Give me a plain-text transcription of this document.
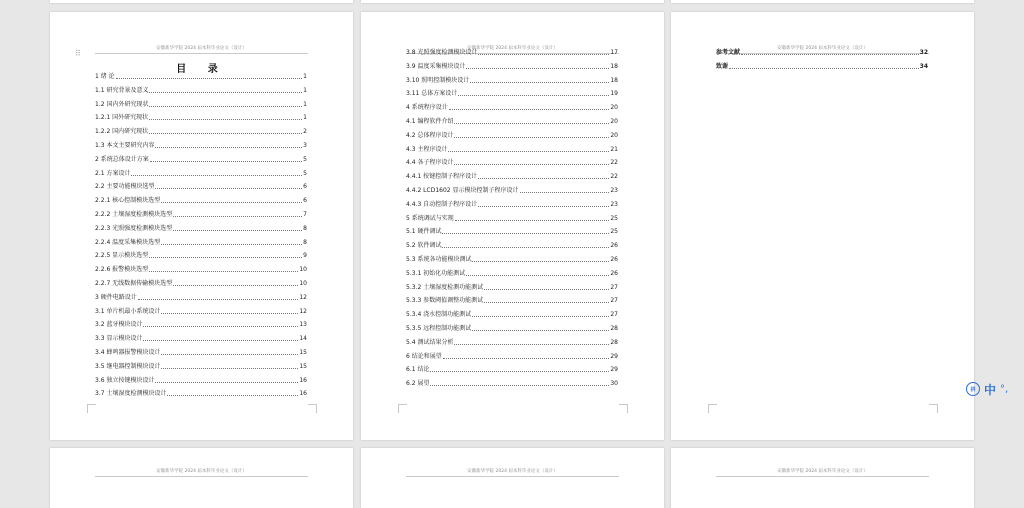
安徽新华学院 2024 届本科毕业论文（设计）
目 录
1 绪 论	1
1.1 研究背景及意义	1
1.2 国内外研究现状	1
1.2.1 国外研究现状	1
1.2.2 国内研究现状	2
1.3 本文主要研究内容	3
2 系统总体设计方案	5
2.1 方案设计	5
2.2 主要功能模块选型	6
2.2.1 核心控制模块选型	6
2.2.2 土壤湿度检测模块选型	7
2.2.3 光照强度检测模块选型	8
2.2.4 温度采集模块选型	8
2.2.5 显示模块选型	9
2.2.6 报警模块选型	10
2.2.7 无线数据传输模块选型	10
3 硬件电路设计	12
3.1 单片机最小系统设计	12
3.2 蓝牙模块设计	13
3.3 显示模块设计	14
3.4 蜂鸣器报警模块设计	15
3.5 继电器控制模块设计	15
3.6 独立按键模块设计	16
3.7 土壤湿度检测模块设计	16
安徽新华学院 2024 届本科毕业论文（设计）
3.8 光照强度检测模块设计	17
3.9 温度采集模块设计	18
3.10 照明控制模块设计	18
3.11 总体方案设计	19
4 系统程序设计	20
4.1 编程软件介绍	20
4.2 总体程序设计	20
4.3 主程序设计	21
4.4 各子程序设计	22
4.4.1 按键控制子程序设计	22
4.4.2 LCD1602 显示模块控制子程序设计	23
4.4.3 自动控制子程序设计	23
5 系统调试与实现	25
5.1 硬件调试	25
5.2 软件调试	26
5.3 系统各功能模块测试	26
5.3.1 初始化功能测试	26
5.3.2 土壤湿度检测功能测试	27
5.3.3 参数阈值调整功能测试	27
5.3.4 浇水控制功能测试	27
5.3.5 远程控制功能测试	28
5.4 测试结果分析	28
6 结论和展望	29
6.1 结论	29
6.2 展望	30
安徽新华学院 2024 届本科毕业论文（设计）
参考文献	32
致谢	34
安徽新华学院 2024 届本科毕业论文（设计）	安徽新华学院 2024 届本科毕业论文（设计）	安徽新华学院 2024 届本科毕业论文（设计）
⠿
拼 中 °,
